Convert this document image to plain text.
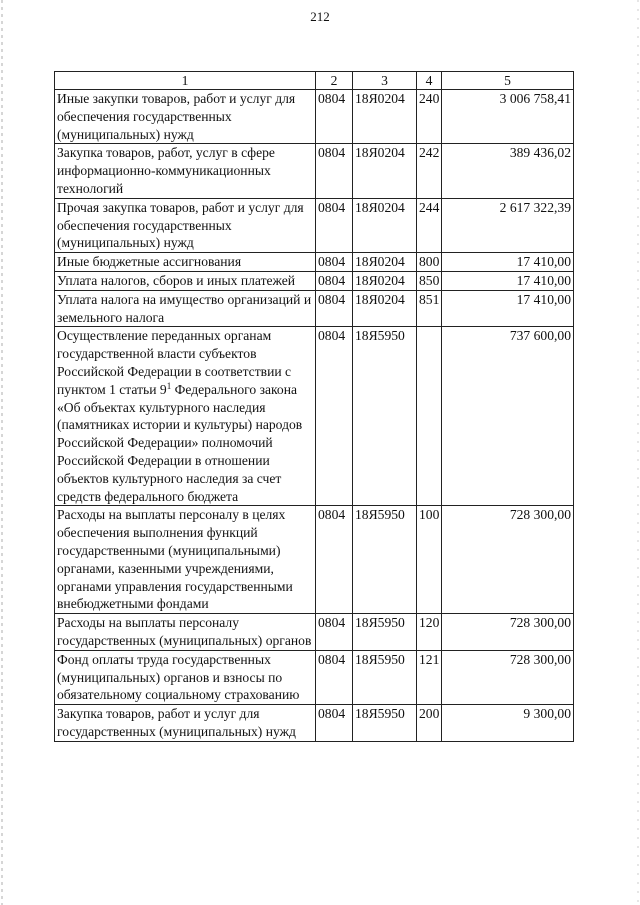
212
1	2	3	4	5
Иные закупки товаров, работ и услуг для обеспечения государственных (муниципальных) нужд	0804	18Я0204	240	3 006 758,41
Закупка товаров, работ, услуг в сфере информационно-коммуникационных технологий	0804	18Я0204	242	389 436,02
Прочая закупка товаров, работ и услуг для обеспечения государственных (муниципальных) нужд	0804	18Я0204	244	2 617 322,39
Иные бюджетные ассигнования	0804	18Я0204	800	17 410,00
Уплата налогов, сборов и иных платежей	0804	18Я0204	850	17 410,00
Уплата налога на имущество организаций и земельного налога	0804	18Я0204	851	17 410,00
Осуществление переданных органам государственной власти субъектов Российской Федерации в соответствии с пунктом 1 статьи $9^1$ Федерального закона «Об объектах культурного наследия (памятниках истории и культуры) народов Российской Федерации» полномочий Российской Федерации в отношении объектов культурного наследия за счет средств федерального бюджета	0804	18Я5950		737 600,00
Расходы на выплаты персоналу в целях обеспечения выполнения функций государственными (муниципальными) органами, казенными учреждениями, органами управления государственными внебюджетными фондами	0804	18Я5950	100	728 300,00
Расходы на выплаты персоналу государственных (муниципальных) органов	0804	18Я5950	120	728 300,00
Фонд оплаты труда государственных (муниципальных) органов и взносы по обязательному социальному страхованию	0804	18Я5950	121	728 300,00
Закупка товаров, работ и услуг для государственных (муниципальных) нужд	0804	18Я5950	200	9 300,00
